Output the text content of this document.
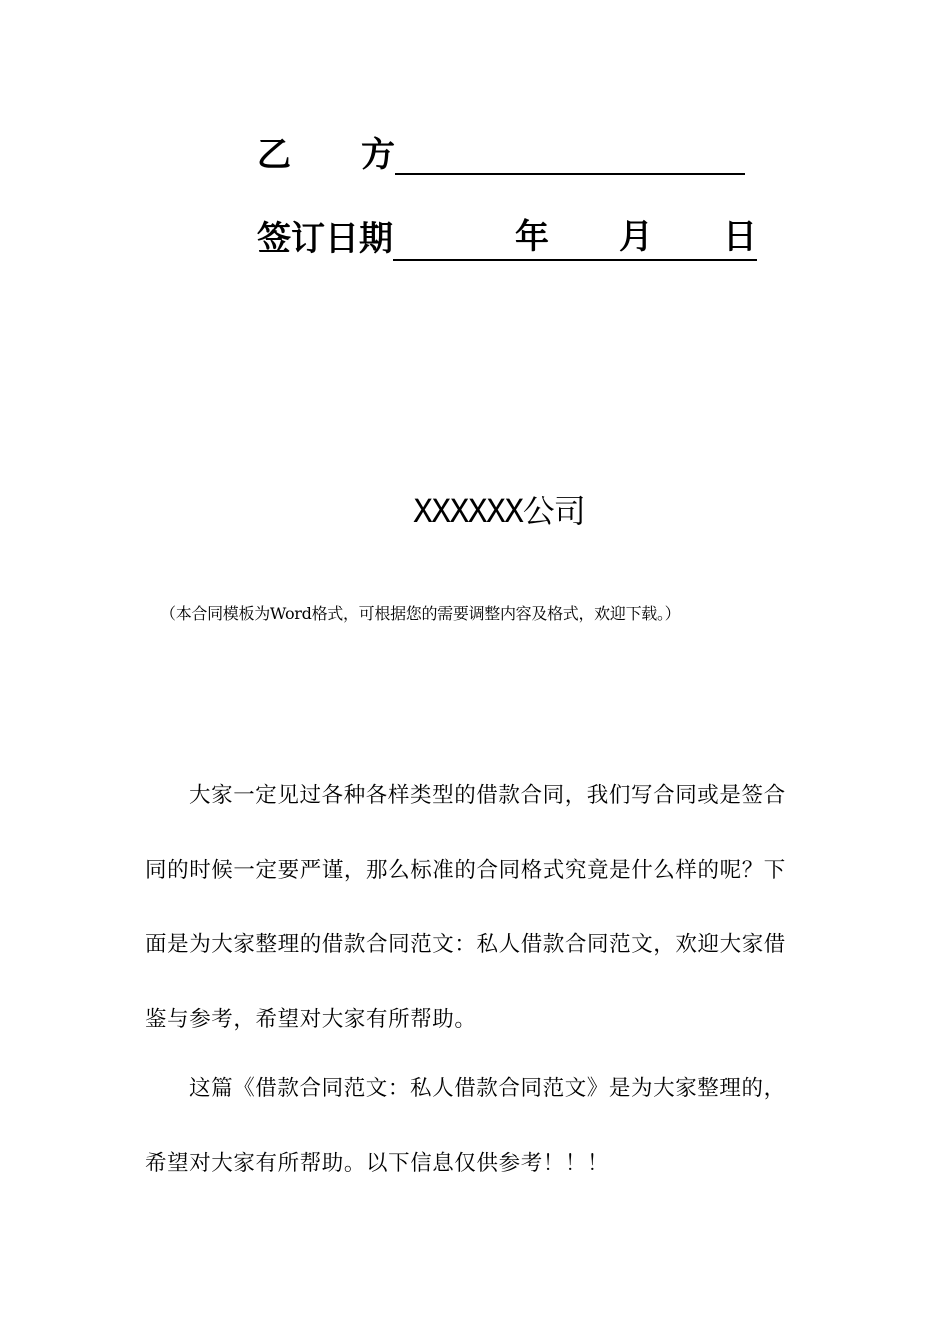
乙 方
签订日期	年 月 日
XXXXXX公司
（本合同模板为Word格式，可根据您的需要调整内容及格式，欢迎下载。）
大家一定见过各种各样类型的借款合同，我们写合同或是签合同的时候一定要严谨，那么标准的合同格式究竟是什么样的呢？下面是为大家整理的借款合同范文：私人借款合同范文，欢迎大家借鉴与参考，希望对大家有所帮助。
这篇《借款合同范文：私人借款合同范文》是为大家整理的，希望对大家有所帮助。以下信息仅供参考！！！
